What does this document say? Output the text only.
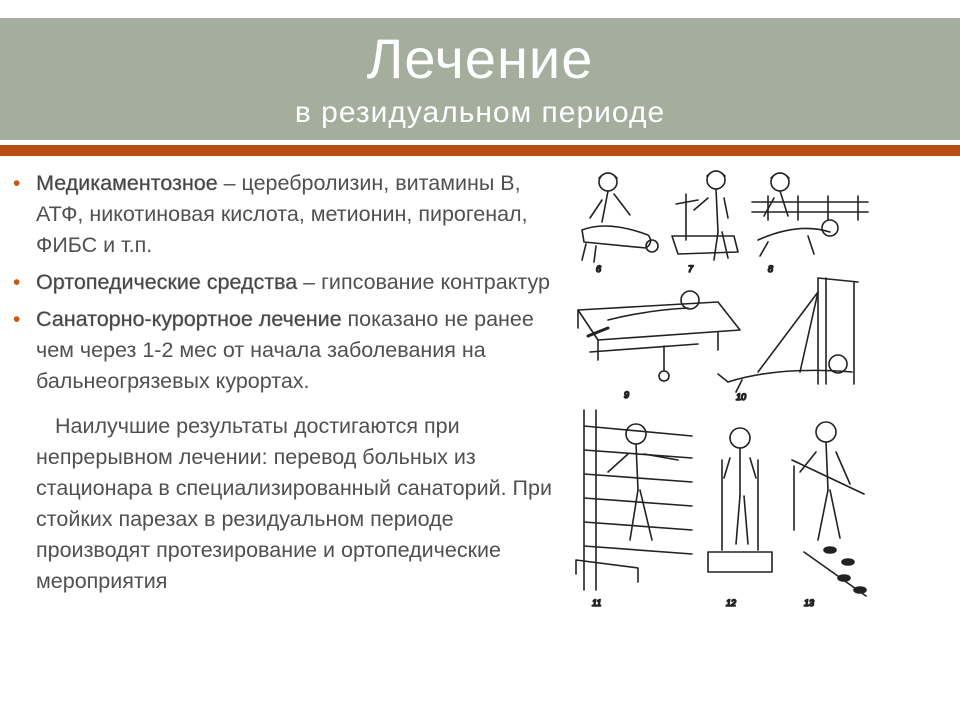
Лечение
в резидуальном периоде
• Медикаментозное – церебролизин, витамины В, АТФ, никотиновая кислота, метионин, пирогенал, ФИБС и т.п.
• Ортопедические средства – гипсование контрактур
• Санаторно-курортное лечение показано не ранее чем через 1-2 мес от начала заболевания на бальнеогрязевых курортах.
Наилучшие результаты достигаются при непрерывном лечении: перевод больных из стационара в специализированный санаторий. При стойких парезах в резидуальном периоде производят протезирование и ортопедические мероприятия
6	7	8
9	10
11	12	13
